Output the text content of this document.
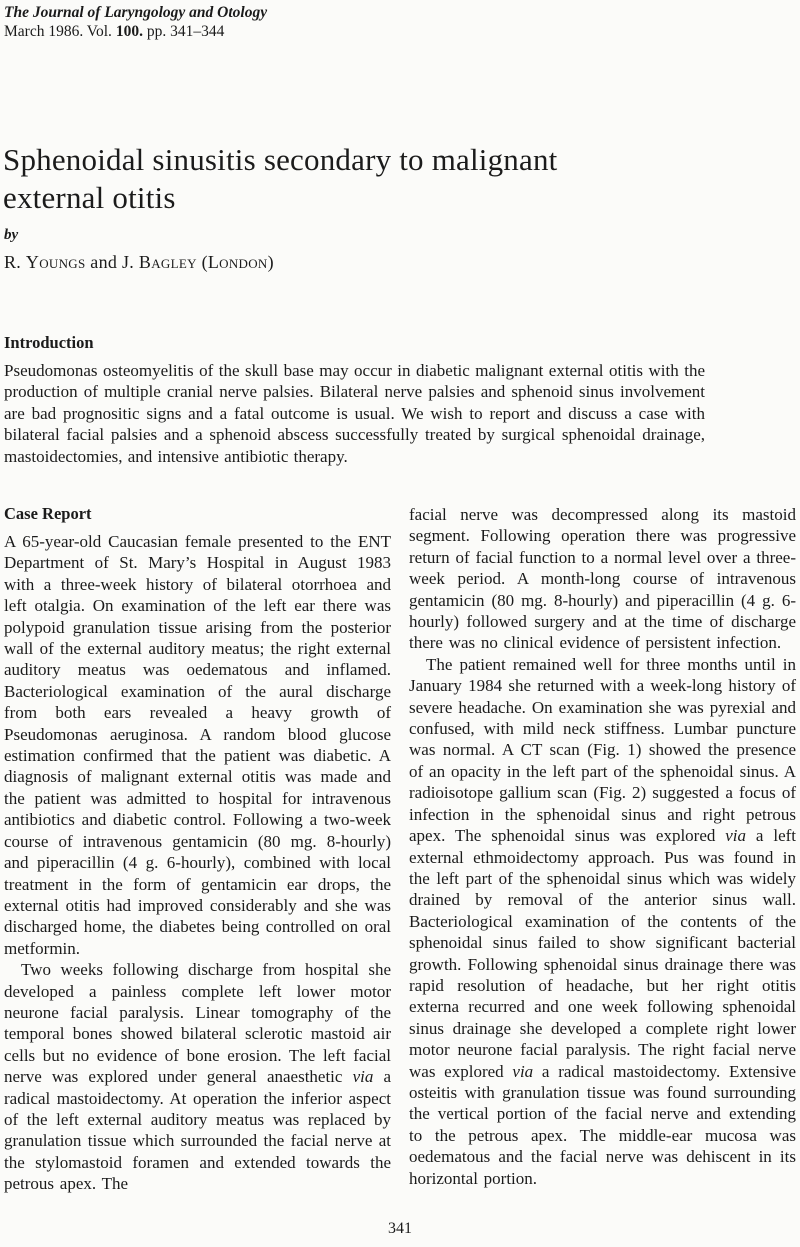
The Journal of Laryngology and Otology
March 1986. Vol. 100. pp. 341–344
Sphenoidal sinusitis secondary to malignant external otitis
by
R. Youngs and J. Bagley (London)
Introduction

Pseudomonas osteomyelitis of the skull base may occur in diabetic malignant external otitis with the production of multiple cranial nerve palsies. Bilateral nerve palsies and sphenoid sinus involvement are bad prognositic signs and a fatal outcome is usual. We wish to report and discuss a case with bilateral facial palsies and a sphenoid abscess successfully treated by surgical sphenoidal drainage, mastoidectomies, and intensive antibiotic therapy.

Case Report

A 65-year-old Caucasian female presented to the ENT Department of St. Mary’s Hospital in August 1983 with a three-week history of bilateral otorrhoea and left otalgia. On examination of the left ear there was polypoid granulation tissue arising from the posterior wall of the external auditory meatus; the right external auditory meatus was oedematous and inflamed. Bacteriological examination of the aural discharge from both ears revealed a heavy growth of Pseudomonas aeruginosa. A random blood glucose estimation confirmed that the patient was diabetic. A diagnosis of malignant external otitis was made and the patient was admitted to hospital for intravenous antibiotics and diabetic control. Following a two-week course of intravenous gentamicin (80 mg. 8-hourly) and piperacillin (4 g. 6-hourly), combined with local treatment in the form of gentamicin ear drops, the external otitis had improved considerably and she was discharged home, the diabetes being controlled on oral metformin.

Two weeks following discharge from hospital she developed a painless complete left lower motor neurone facial paralysis. Linear tomography of the temporal bones showed bilateral sclerotic mastoid air cells but no evidence of bone erosion. The left facial nerve was explored under general anaesthetic via a radical mastoidectomy. At operation the inferior aspect of the left external auditory meatus was replaced by granulation tissue which surrounded the facial nerve at the stylomastoid foramen and extended towards the petrous apex. The

facial nerve was decompressed along its mastoid segment. Following operation there was progressive return of facial function to a normal level over a three-week period. A month-long course of intravenous gentamicin (80 mg. 8-hourly) and piperacillin (4 g. 6-hourly) followed surgery and at the time of discharge there was no clinical evidence of persistent infection.

The patient remained well for three months until in January 1984 she returned with a week-long history of severe headache. On examination she was pyrexial and confused, with mild neck stiffness. Lumbar puncture was normal. A CT scan (Fig. 1) showed the presence of an opacity in the left part of the sphenoidal sinus. A radioisotope gallium scan (Fig. 2) suggested a focus of infection in the sphenoidal sinus and right petrous apex. The sphenoidal sinus was explored via a left external ethmoidectomy approach. Pus was found in the left part of the sphenoidal sinus which was widely drained by removal of the anterior sinus wall. Bacteriological examination of the contents of the sphenoidal sinus failed to show significant bacterial growth. Following sphenoidal sinus drainage there was rapid resolution of headache, but her right otitis externa recurred and one week following sphenoidal sinus drainage she developed a complete right lower motor neurone facial paralysis. The right facial nerve was explored via a radical mastoidectomy. Extensive osteitis with granulation tissue was found surrounding the vertical portion of the facial nerve and extending to the petrous apex. The middle-ear mucosa was oedematous and the facial nerve was dehiscent in its horizontal portion.

341
